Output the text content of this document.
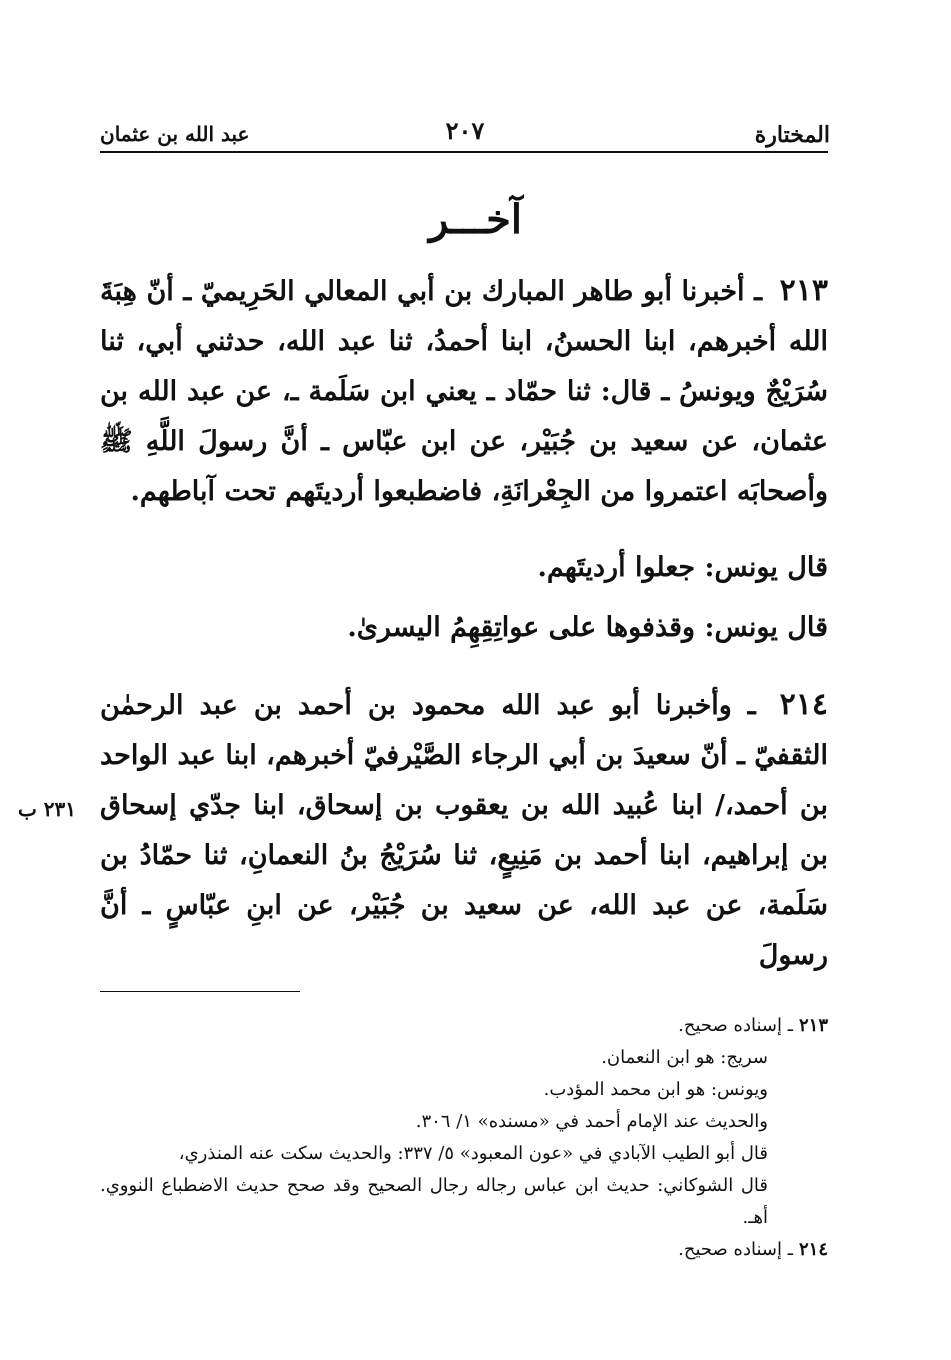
المختارة
٢٠٧
عبد الله بن عثمان
آخـــر

٢١٣ ـ أخبرنا أبو طاهر المبارك بن أبي المعالي الحَرِيميّ ـ أنّ هِبَةَ الله أخبرهم، ابنا الحسنُ، ابنا أحمدُ، ثنا عبد الله، حدثني أبي، ثنا سُرَيْجٌ ويونسُ ـ قال: ثنا حمّاد ـ يعني ابن سَلَمة ـ، عن عبد الله بن عثمان، عن سعيد بن جُبَيْر، عن ابن عبّاس ـ أنَّ رسولَ اللَّهِ ﷺ وأصحابَه اعتمروا من الجِعْرانَةِ، فاضطبعوا أرديتَهم تحت آباطهم.

قال يونس: جعلوا أرديتَهم.
قال يونس: وقذفوها على عواتِقِهِمُ اليسرىٰ.

٢١٤ ـ وأخبرنا أبو عبد الله محمود بن أحمد بن عبد الرحمٰن الثقفيّ ـ أنّ سعيدَ بن أبي الرجاء الصَّيْرفيّ أخبرهم، ابنا عبد الواحد بن أحمد،/ ابنا عُبيد الله بن يعقوب بن إسحاق، ابنا جدّي إسحاق بن إبراهيم، ابنا أحمد بن مَنِيعٍ، ثنا سُرَيْجُ بنُ النعمانِ، ثنا حمّادُ بن سَلَمة، عن عبد الله، عن سعيد بن جُبَيْر، عن ابنِ عبّاسٍ ـ أنَّ رسولَ

٢٣١ ب

٢١٣ـ إسناده صحيح.

سريج: هو ابن النعمان.

ويونس: هو ابن محمد المؤدب.

والحديث عند الإمام أحمد في «مسنده» ١/ ٣٠٦.

قال أبو الطيب الآبادي في «عون المعبود» ٥/ ٣٣٧: والحديث سكت عنه المنذري،

قال الشوكاني: حديث ابن عباس رجاله رجال الصحيح وقد صحح حديث الاضطباع النووي. أهـ.

٢١٤ـ إسناده صحيح.
